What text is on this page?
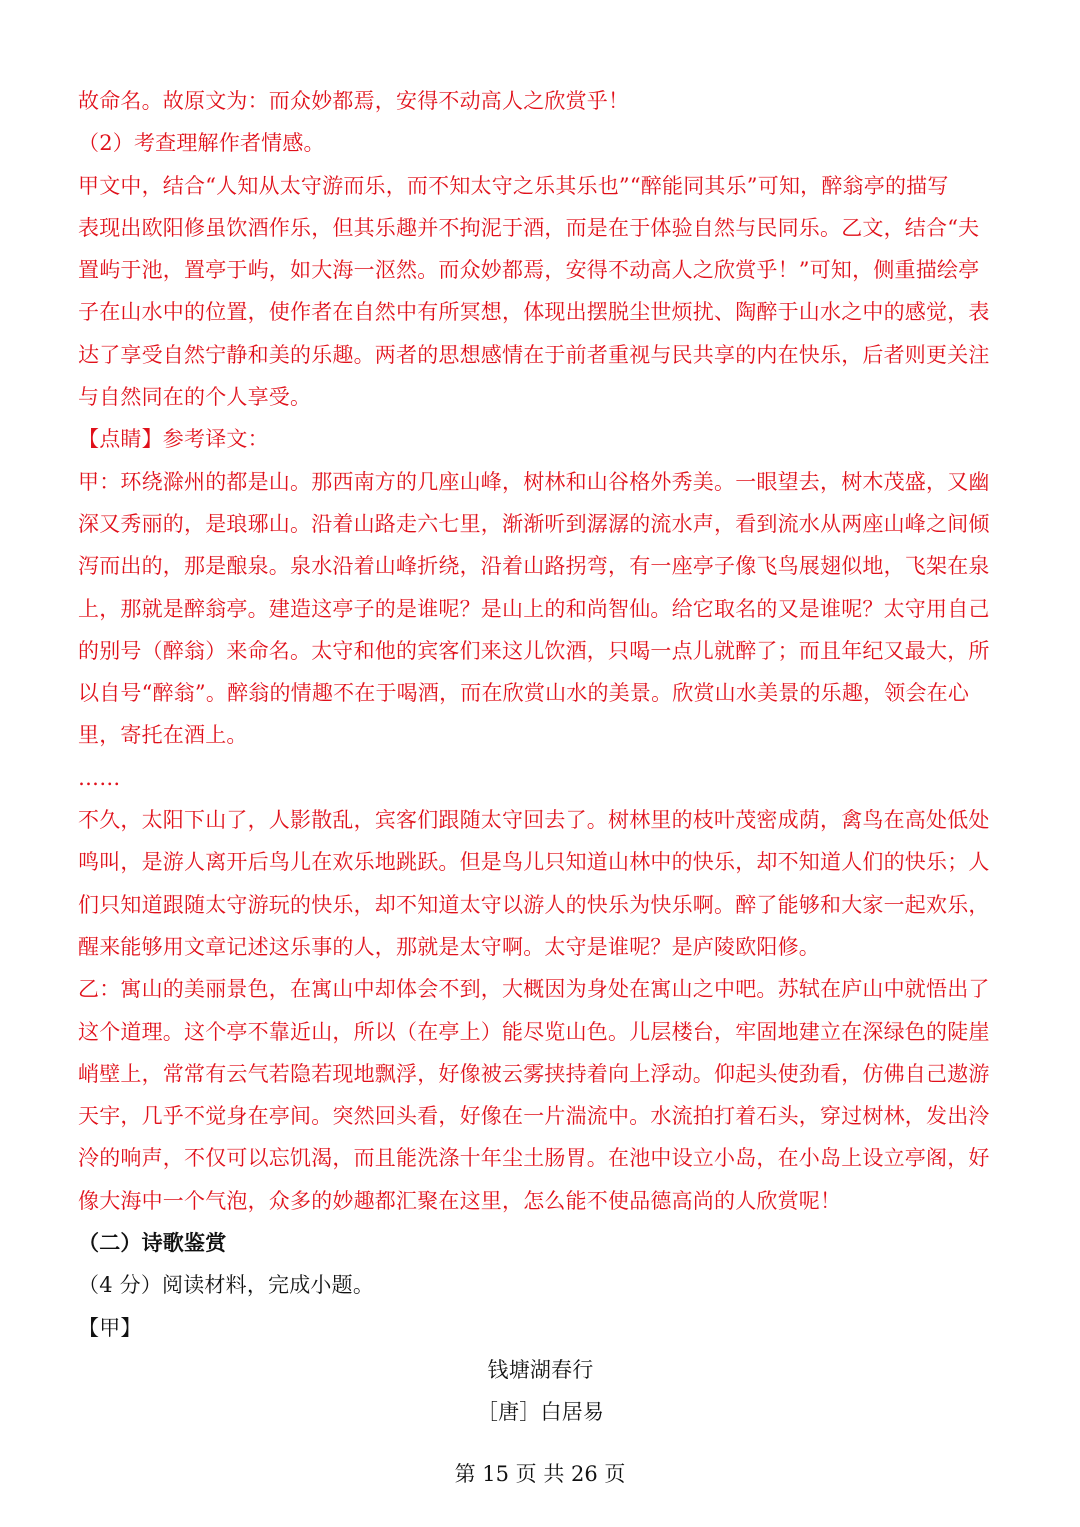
故命名。故原文为：而众妙都焉，安得不动高人之欣赏乎！
（2）考查理解作者情感。
甲文中，结合“人知从太守游而乐，而不知太守之乐其乐也”“醉能同其乐”可知，醉翁亭的描写
表现出欧阳修虽饮酒作乐，但其乐趣并不拘泥于酒，而是在于体验自然与民同乐。乙文，结合“夫
置屿于池，置亭于屿，如大海一沤然。而众妙都焉，安得不动高人之欣赏乎！”可知，侧重描绘亭
子在山水中的位置，使作者在自然中有所冥想，体现出摆脱尘世烦扰、陶醉于山水之中的感觉，表
达了享受自然宁静和美的乐趣。两者的思想感情在于前者重视与民共享的内在快乐，后者则更关注
与自然同在的个人享受。
【点睛】参考译文：
甲：环绕滁州的都是山。那西南方的几座山峰，树林和山谷格外秀美。一眼望去，树木茂盛，又幽
深又秀丽的，是琅琊山。沿着山路走六七里，渐渐听到潺潺的流水声，看到流水从两座山峰之间倾
泻而出的，那是酿泉。泉水沿着山峰折绕，沿着山路拐弯，有一座亭子像飞鸟展翅似地，飞架在泉
上，那就是醉翁亭。建造这亭子的是谁呢？是山上的和尚智仙。给它取名的又是谁呢？太守用自己
的别号（醉翁）来命名。太守和他的宾客们来这儿饮酒，只喝一点儿就醉了；而且年纪又最大，所
以自号“醉翁”。醉翁的情趣不在于喝酒，而在欣赏山水的美景。欣赏山水美景的乐趣，领会在心
里，寄托在酒上。
……
不久，太阳下山了，人影散乱，宾客们跟随太守回去了。树林里的枝叶茂密成荫，禽鸟在高处低处
鸣叫，是游人离开后鸟儿在欢乐地跳跃。但是鸟儿只知道山林中的快乐，却不知道人们的快乐；人
们只知道跟随太守游玩的快乐，却不知道太守以游人的快乐为快乐啊。醉了能够和大家一起欢乐，
醒来能够用文章记述这乐事的人，那就是太守啊。太守是谁呢？是庐陵欧阳修。
乙：寓山的美丽景色，在寓山中却体会不到，大概因为身处在寓山之中吧。苏轼在庐山中就悟出了
这个道理。这个亭不靠近山，所以（在亭上）能尽览山色。儿层楼台，牢固地建立在深绿色的陡崖
峭壁上，常常有云气若隐若现地飘浮，好像被云雾挟持着向上浮动。仰起头使劲看，仿佛自己遨游
天宇，几乎不觉身在亭间。突然回头看，好像在一片湍流中。水流拍打着石头，穿过树林，发出泠
泠的响声，不仅可以忘饥渴，而且能洗涤十年尘土肠胃。在池中设立小岛，在小岛上设立亭阁，好
像大海中一个气泡，众多的妙趣都汇聚在这里，怎么能不使品德高尚的人欣赏呢！
（二）诗歌鉴赏
（4 分）阅读材料，完成小题。
【甲】
钱塘湖春行
［唐］白居易
第 15 页 共 26 页
